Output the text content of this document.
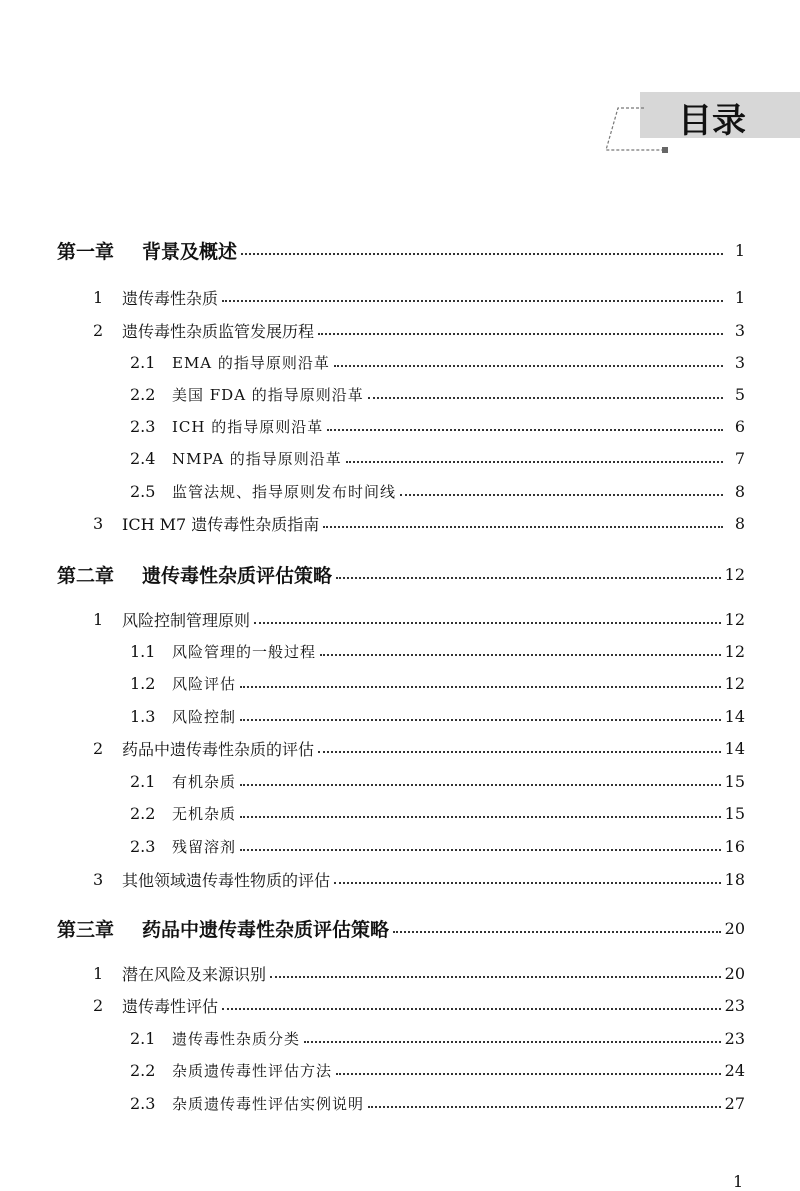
目录
第一章	背景及概述	1
1	遗传毒性杂质	1
2	遗传毒性杂质监管发展历程	3
2.1	EMA 的指导原则沿革	3
2.2	美国 FDA 的指导原则沿革	5
2.3	ICH 的指导原则沿革	6
2.4	NMPA 的指导原则沿革	7
2.5	监管法规、指导原则发布时间线	8
3	ICH M7 遗传毒性杂质指南	8
第二章	遗传毒性杂质评估策略	12
1	风险控制管理原则	12
1.1	风险管理的一般过程	12
1.2	风险评估	12
1.3	风险控制	14
2	药品中遗传毒性杂质的评估	14
2.1	有机杂质	15
2.2	无机杂质	15
2.3	残留溶剂	16
3	其他领域遗传毒性物质的评估	18
第三章	药品中遗传毒性杂质评估策略	20
1	潜在风险及来源识别	20
2	遗传毒性评估	23
2.1	遗传毒性杂质分类	23
2.2	杂质遗传毒性评估方法	24
2.3	杂质遗传毒性评估实例说明	27
1
